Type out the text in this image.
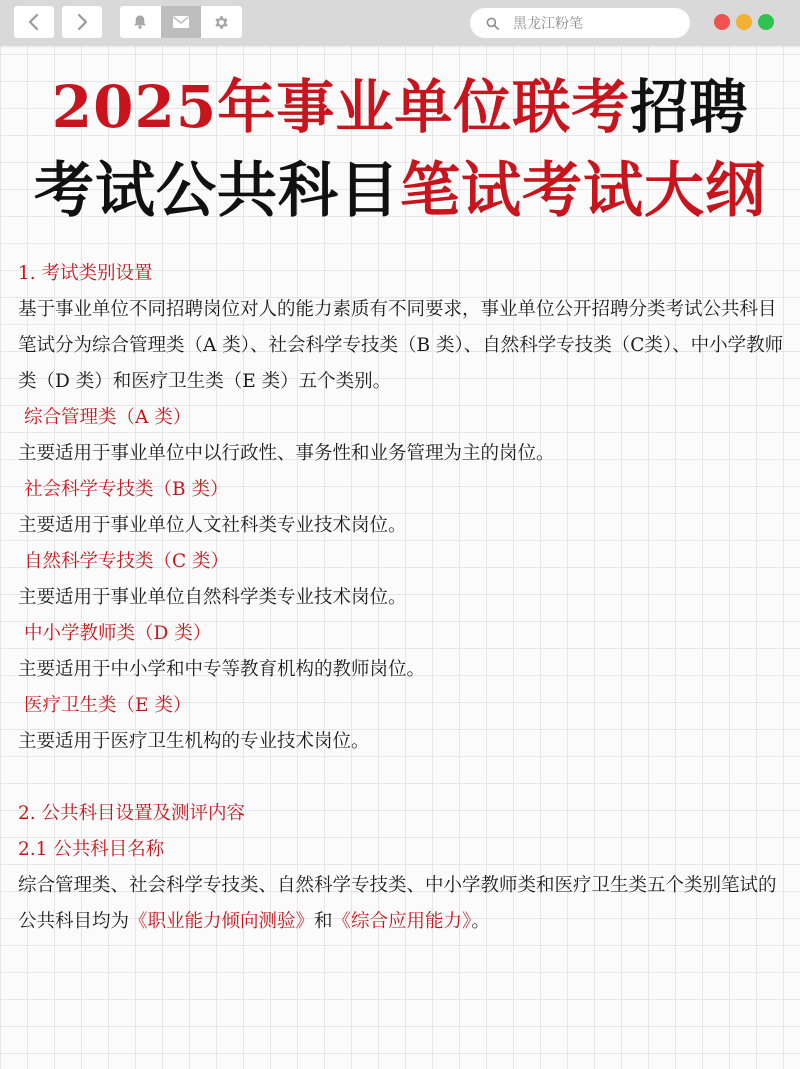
黑龙江粉笔
2025年事业单位联考招聘
考试公共科目笔试考试大纲

1. 考试类别设置

基于事业单位不同招聘岗位对人的能力素质有不同要求，事业单位公开招聘分类考试公共科目笔试分为综合管理类（A 类）、社会科学专技类（B 类）、自然科学专技类（C类）、中小学教师类（D 类）和医疗卫生类（E 类）五个类别。

综合管理类（A 类）

主要适用于事业单位中以行政性、事务性和业务管理为主的岗位。

社会科学专技类（B 类）

主要适用于事业单位人文社科类专业技术岗位。

自然科学专技类（C 类）

主要适用于事业单位自然科学类专业技术岗位。

中小学教师类（D 类）

主要适用于中小学和中专等教育机构的教师岗位。

医疗卫生类（E 类）

主要适用于医疗卫生机构的专业技术岗位。

2. 公共科目设置及测评内容

2.1 公共科目名称

综合管理类、社会科学专技类、自然科学专技类、中小学教师类和医疗卫生类五个类别笔试的公共科目均为《职业能力倾向测验》和《综合应用能力》。
